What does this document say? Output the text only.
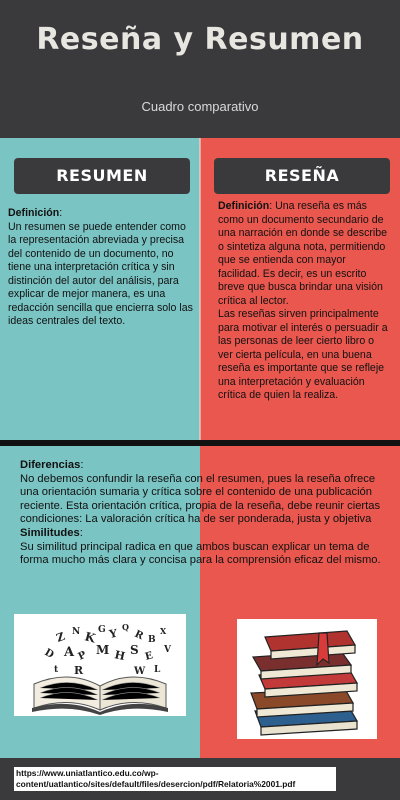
Reseña y Resumen
Cuadro comparativo
RESUMEN	RESEÑA
Definición:
Un resumen se puede entender como la representación abreviada y precisa del contenido de un documento, no tiene una interpretación crítica y sin distinción del autor del análisis, para explicar de mejor manera, es una redacción sencilla que encierra solo las ideas centrales del texto.
Definición: Una reseña es más como un documento secundario de una narración en donde se describe o sintetiza alguna nota, permitiendo que se entienda con mayor facilidad. Es decir, es un escrito breve que busca brindar una visión crítica al lector.
Las reseñas sirven principalmente para motivar el interés o persuadir a las personas de leer cierto libro o ver cierta película, en una buena reseña es importante que se refleje una interpretación y evaluación crítica de quien la realiza.
Diferencias:
No debemos confundir la reseña con el resumen, pues la reseña ofrece una orientación sumaria y crítica sobre el contenido de una publicación reciente. Esta orientación crítica, propia de la reseña, debe reunir ciertas condiciones: La valoración crítica ha de ser ponderada, justa y objetiva
Similitudes:
Su similitud principal radica en que ambos buscan explicar un tema de forma mucho más clara y concisa para la comprensión eficaz del mismo.
Z N K G Y Q
R B
X
D A P M H S E
V
t R	W L
https://www.uniatlantico.edu.co/wp-content/uatlantico/sites/default/files/desercion/pdf/Relatoria%2001.pdf
